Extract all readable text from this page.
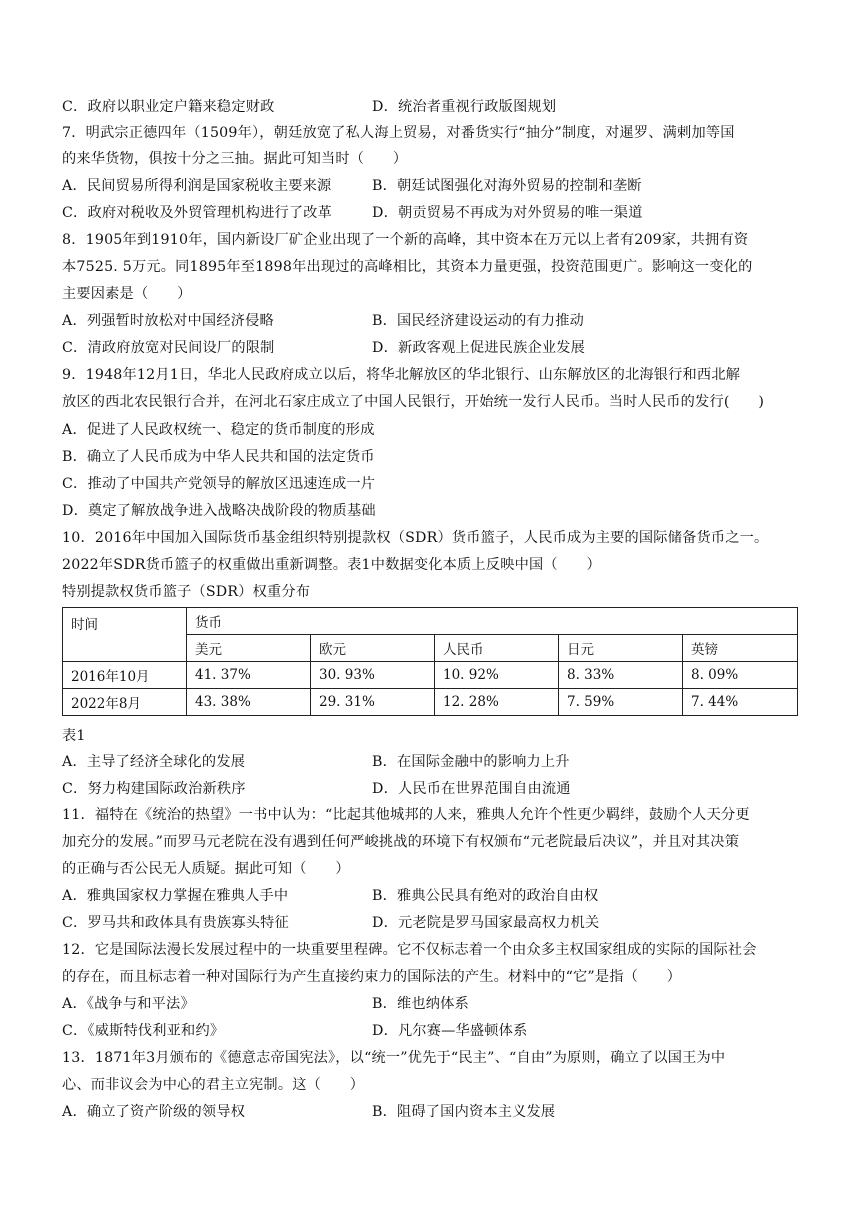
C．政府以职业定户籍来稳定财政	D．统治者重视行政版图规划
7．明武宗正德四年（1509年），朝廷放宽了私人海上贸易，对番货实行“抽分”制度，对暹罗、满剌加等国
的来华货物，俱按十分之三抽。据此可知当时（　　）
A．民间贸易所得利润是国家税收主要来源	B．朝廷试图强化对海外贸易的控制和垄断
C．政府对税收及外贸管理机构进行了改革	D．朝贡贸易不再成为对外贸易的唯一渠道
8．1905年到1910年，国内新设厂矿企业出现了一个新的高峰，其中资本在万元以上者有209家，共拥有资
本7525. 5万元。同1895年至1898年出现过的高峰相比，其资本力量更强，投资范围更广。影响这一变化的
主要因素是（　　）
A．列强暂时放松对中国经济侵略	B．国民经济建设运动的有力推动
C．清政府放宽对民间设厂的限制	D．新政客观上促进民族企业发展
9．1948年12月1日，华北人民政府成立以后，将华北解放区的华北银行、山东解放区的北海银行和西北解
放区的西北农民银行合并，在河北石家庄成立了中国人民银行，开始统一发行人民币。当时人民币的发行(　　)
A．促进了人民政权统一、稳定的货币制度的形成
B．确立了人民币成为中华人民共和国的法定货币
C．推动了中国共产党领导的解放区迅速连成一片
D．奠定了解放战争进入战略决战阶段的物质基础
10．2016年中国加入国际货币基金组织特别提款权（SDR）货币篮子，人民币成为主要的国际储备货币之一。
2022年SDR货币篮子的权重做出重新调整。表1中数据变化本质上反映中国（　　）
特别提款权货币篮子（SDR）权重分布
时间	货币				
	美元	欧元	人民币	日元	英镑
2016年10月	41. 37%	30. 93%	10. 92%	8. 33%	8. 09%
2022年8月	43. 38%	29. 31%	12. 28%	7. 59%	7. 44%
表1
A．主导了经济全球化的发展	B．在国际金融中的影响力上升
C．努力构建国际政治新秩序	D．人民币在世界范围自由流通
11．福特在《统治的热望》一书中认为：“比起其他城邦的人来，雅典人允许个性更少羁绊，鼓励个人天分更
加充分的发展。”而罗马元老院在没有遇到任何严峻挑战的环境下有权颁布“元老院最后决议”，并且对其决策
的正确与否公民无人质疑。据此可知（　　）
A．雅典国家权力掌握在雅典人手中	B．雅典公民具有绝对的政治自由权
C．罗马共和政体具有贵族寡头特征	D．元老院是罗马国家最高权力机关
12．它是国际法漫长发展过程中的一块重要里程碑。它不仅标志着一个由众多主权国家组成的实际的国际社会
的存在，而且标志着一种对国际行为产生直接约束力的国际法的产生。材料中的“它”是指（　　）
A．《战争与和平法》	B．维也纳体系
C．《威斯特伐利亚和约》	D．凡尔赛—华盛顿体系
13．1871年3月颁布的《德意志帝国宪法》，以“统一”优先于“民主”、“自由”为原则，确立了以国王为中
心、而非议会为中心的君主立宪制。这（　　）
A．确立了资产阶级的领导权	B．阻碍了国内资本主义发展
